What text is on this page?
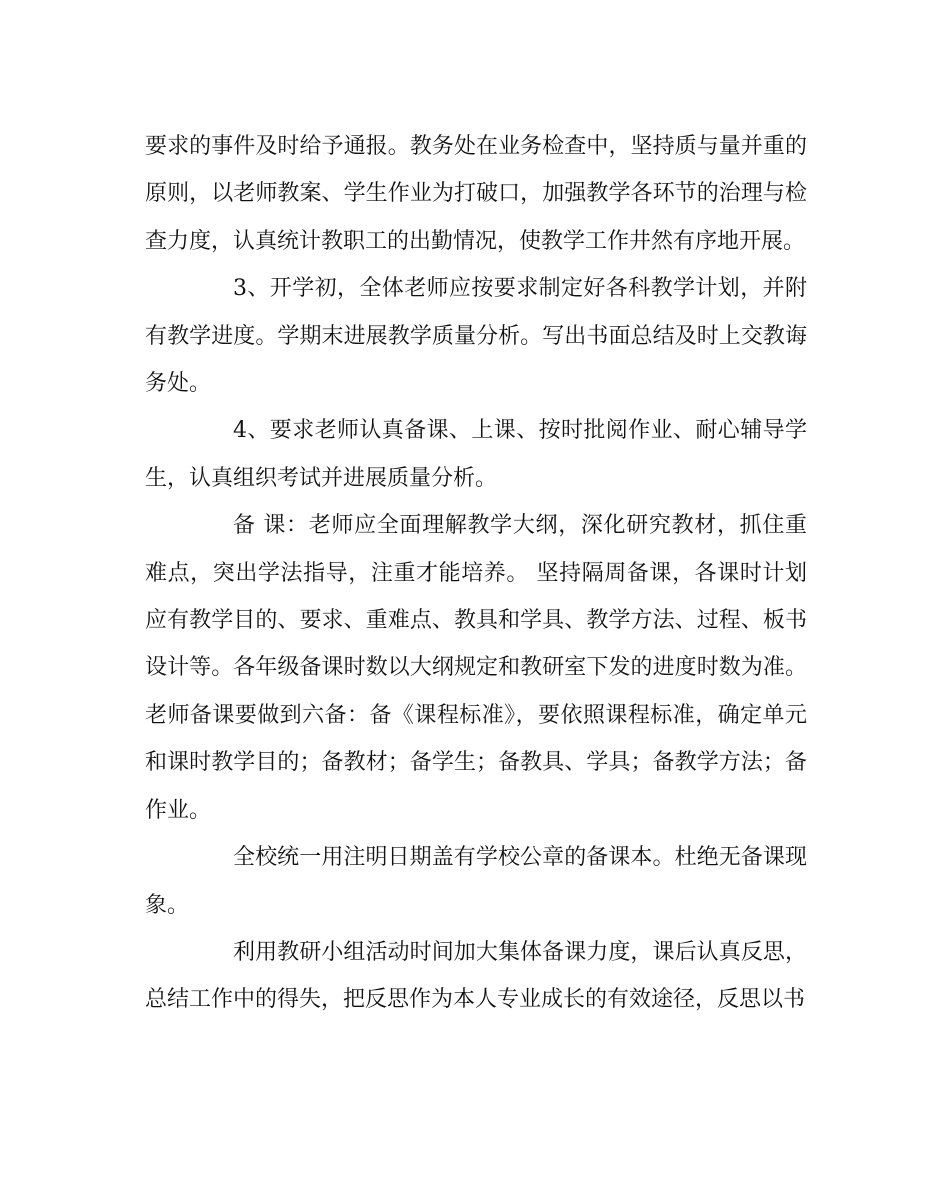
要求的事件及时给予通报。教务处在业务检查中，坚持质与量并重的原则，以老师教案、学生作业为打破口，加强教学各环节的治理与检查力度，认真统计教职工的出勤情况，使教学工作井然有序地开展。

3、开学初，全体老师应按要求制定好各科教学计划，并附有教学进度。学期末进展教学质量分析。写出书面总结及时上交教诲务处。

4、要求老师认真备课、上课、按时批阅作业、耐心辅导学生，认真组织考试并进展质量分析。

备 课：老师应全面理解教学大纲，深化研究教材，抓住重难点，突出学法指导，注重才能培养。 坚持隔周备课，各课时计划应有教学目的、要求、重难点、教具和学具、教学方法、过程、板书设计等。各年级备课时数以大纲规定和教研室下发的进度时数为准。老师备课要做到六备：备《课程标准》，要依照课程标准，确定单元和课时教学目的；备教材；备学生；备教具、学具；备教学方法；备作业。

全校统一用注明日期盖有学校公章的备课本。杜绝无备课现象。

利用教研小组活动时间加大集体备课力度，课后认真反思，总结工作中的得失，把反思作为本人专业成长的有效途径，反思以书
